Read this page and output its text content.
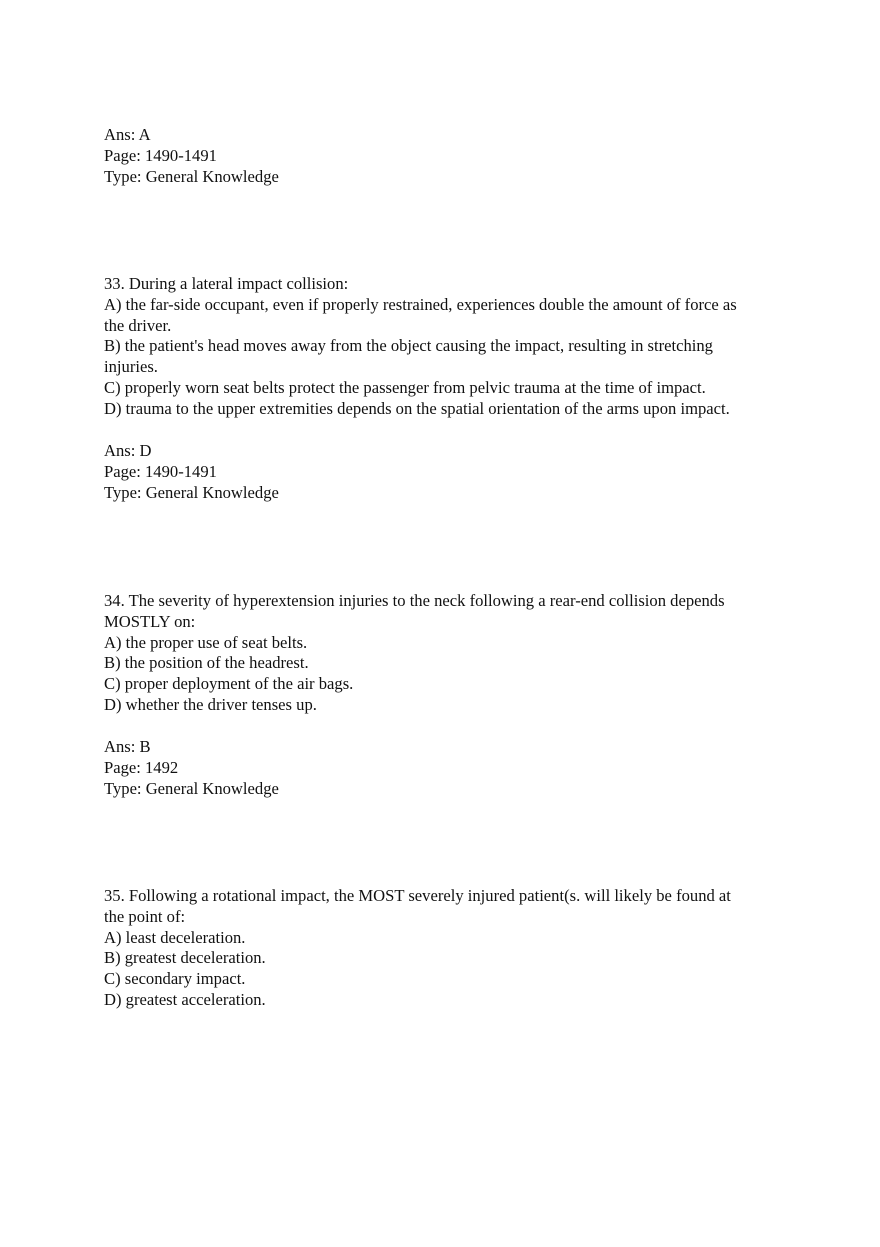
Ans: A
Page: 1490-1491
Type: General Knowledge
33. During a lateral impact collision:
A) the far-side occupant, even if properly restrained, experiences double the amount of force as
the driver.
B) the patient's head moves away from the object causing the impact, resulting in stretching
injuries.
C) properly worn seat belts protect the passenger from pelvic trauma at the time of impact.
D) trauma to the upper extremities depends on the spatial orientation of the arms upon impact.
Ans: D
Page: 1490-1491
Type: General Knowledge
34. The severity of hyperextension injuries to the neck following a rear-end collision depends
MOSTLY on:
A) the proper use of seat belts.
B) the position of the headrest.
C) proper deployment of the air bags.
D) whether the driver tenses up.
Ans: B
Page: 1492
Type: General Knowledge
35. Following a rotational impact, the MOST severely injured patient(s. will likely be found at
the point of:
A) least deceleration.
B) greatest deceleration.
C) secondary impact.
D) greatest acceleration.
